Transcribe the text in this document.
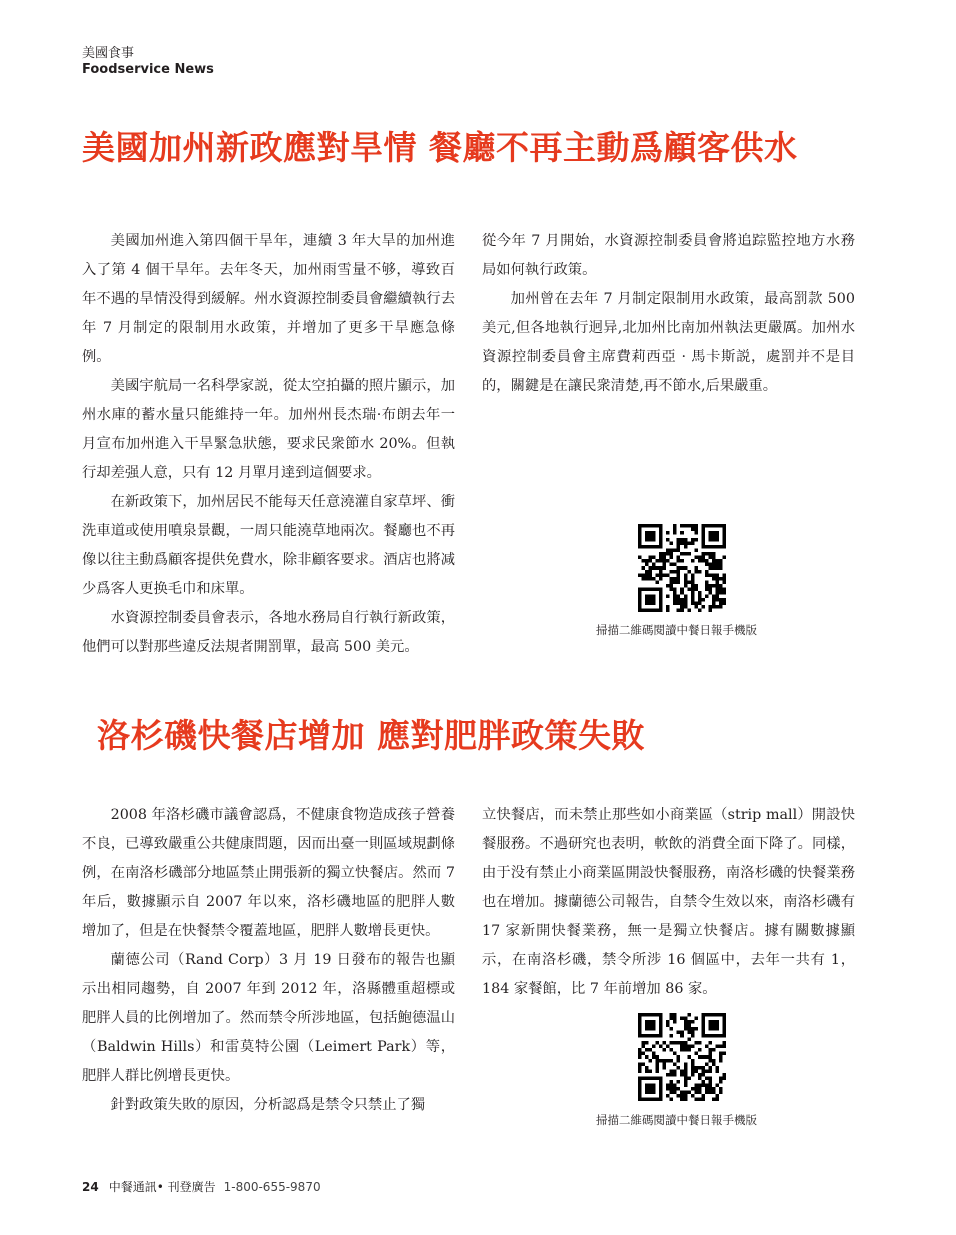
美國食事
Foodservice News
美國加州新政應對旱情 餐廳不再主動爲顧客供水

美國加州進入第四個干旱年，連續 3 年大旱的加州進入了第 4 個干旱年。去年冬天，加州雨雪量不够，導致百年不遇的旱情没得到緩解。州水資源控制委員會繼續執行去年 7 月制定的限制用水政策，并增加了更多干旱應急條例。

美國宇航局一名科學家説，從太空拍攝的照片顯示，加州水庫的蓄水量只能維持一年。加州州長杰瑞·布朗去年一月宣布加州進入干旱緊急狀態，要求民衆節水 20%。但執行却差强人意，只有 12 月單月達到這個要求。

在新政策下，加州居民不能每天任意澆灌自家草坪、衝洗車道或使用噴泉景觀，一周只能澆草地兩次。餐廳也不再像以往主動爲顧客提供免費水，除非顧客要求。酒店也將减少爲客人更换毛巾和床單。

水資源控制委員會表示，各地水務局自行執行新政策，他們可以對那些違反法規者開罰單，最高 500 美元。

從今年 7 月開始，水資源控制委員會將追踪監控地方水務局如何執行政策。

加州曾在去年 7 月制定限制用水政策，最高罰款 500美元,但各地執行迥异,北加州比南加州執法更嚴厲。加州水資源控制委員會主席費莉西亞 · 馬卡斯説，處罰并不是目的，關鍵是在讓民衆清楚,再不節水,后果嚴重。

掃描二維碼閱讀中餐日報手機版
洛杉磯快餐店增加 應對肥胖政策失敗

2008 年洛杉磯市議會認爲，不健康食物造成孩子營養不良，已導致嚴重公共健康問題，因而出臺一則區域規劃條例，在南洛杉磯部分地區禁止開張新的獨立快餐店。然而 7 年后，數據顯示自 2007 年以來，洛杉磯地區的肥胖人數增加了，但是在快餐禁令覆蓋地區，肥胖人數增長更快。

蘭德公司（Rand Corp）3 月 19 日發布的報告也顯示出相同趨勢，自 2007 年到 2012 年，洛縣體重超標或肥胖人員的比例增加了。然而禁令所涉地區，包括鮑德温山（Baldwin Hills）和雷莫特公園（Leimert Park）等，肥胖人群比例增長更快。

針對政策失敗的原因，分析認爲是禁令只禁止了獨

立快餐店，而未禁止那些如小商業區（strip mall）開設快餐服務。不過研究也表明，軟飲的消費全面下降了。同樣，由于没有禁止小商業區開設快餐服務，南洛杉磯的快餐業務也在增加。據蘭德公司報告，自禁令生效以來，南洛杉磯有 17 家新開快餐業務，無一是獨立快餐店。據有關數據顯示，在南洛杉磯，禁令所涉 16 個區中，去年一共有 1，184 家餐館，比 7 年前增加 86 家。

掃描二維碼閱讀中餐日報手機版
24 中餐通訊• 刊登廣告 1-800-655-9870
